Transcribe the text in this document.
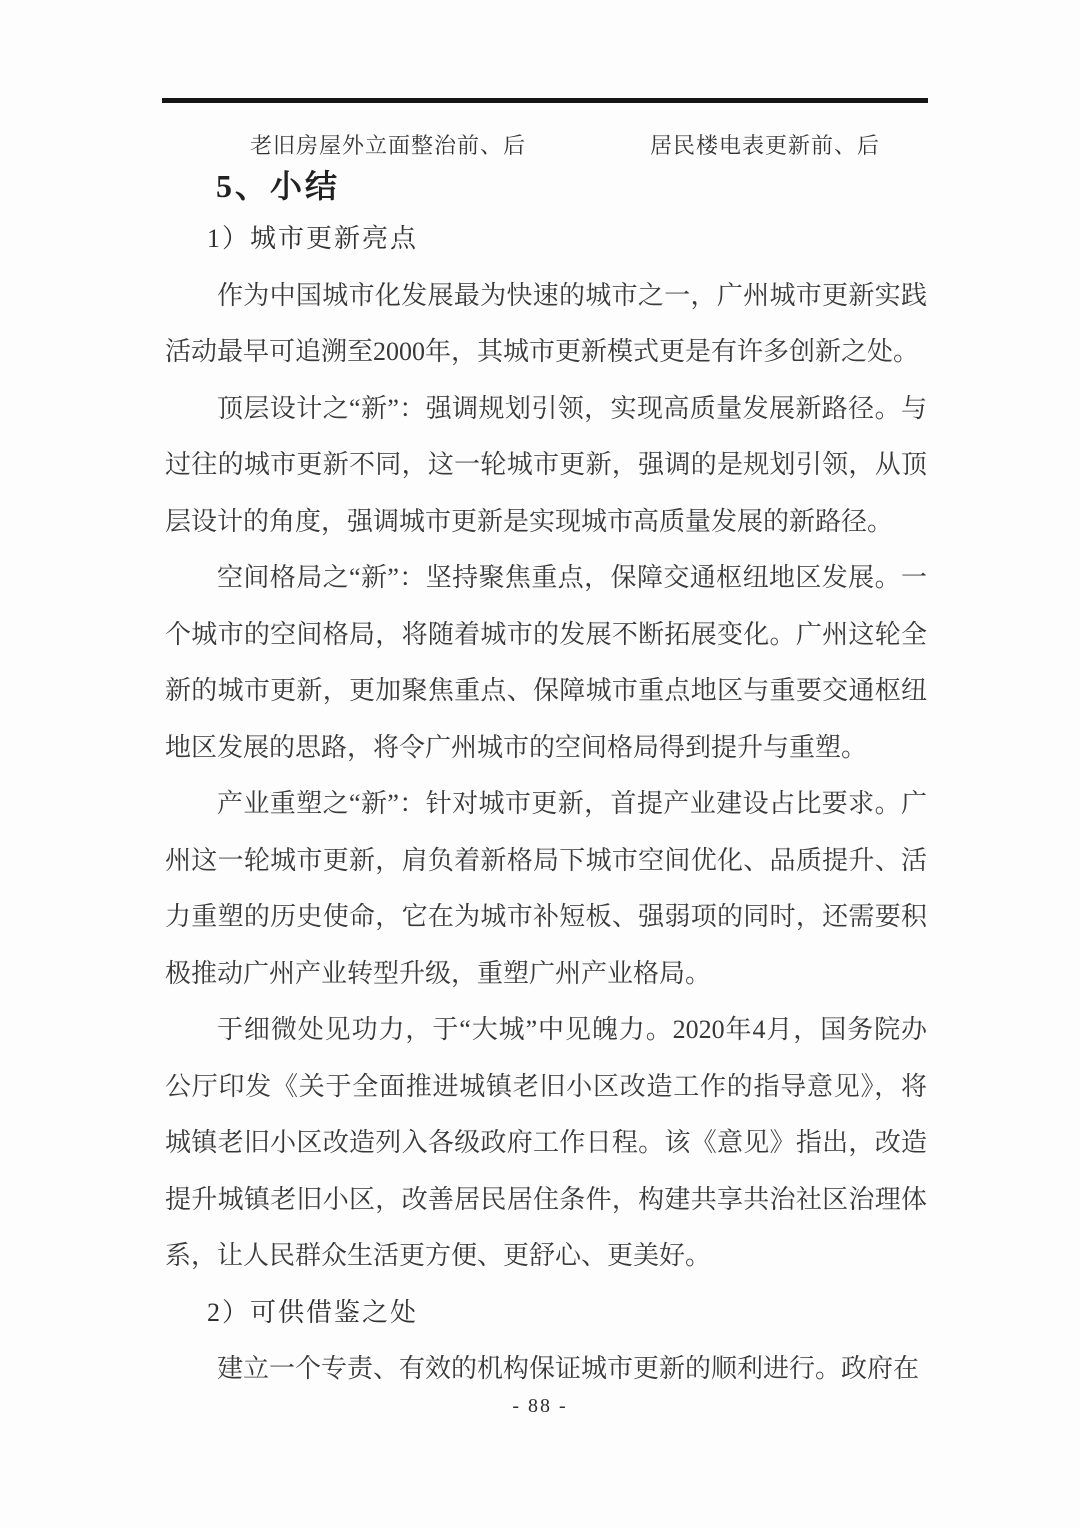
老旧房屋外立面整治前、后	居民楼电表更新前、后
5、小结

1）城市更新亮点

作为中国城市化发展最为快速的城市之一，广州城市更新实践活动最早可追溯至2000年，其城市更新模式更是有许多创新之处。

顶层设计之“新”：强调规划引领，实现高质量发展新路径。与过往的城市更新不同，这一轮城市更新，强调的是规划引领，从顶层设计的角度，强调城市更新是实现城市高质量发展的新路径。

空间格局之“新”：坚持聚焦重点，保障交通枢纽地区发展。一个城市的空间格局，将随着城市的发展不断拓展变化。广州这轮全新的城市更新，更加聚焦重点、保障城市重点地区与重要交通枢纽地区发展的思路，将令广州城市的空间格局得到提升与重塑。

产业重塑之“新”：针对城市更新，首提产业建设占比要求。广州这一轮城市更新，肩负着新格局下城市空间优化、品质提升、活力重塑的历史使命，它在为城市补短板、强弱项的同时，还需要积极推动广州产业转型升级，重塑广州产业格局。

于细微处见功力，于“大城”中见魄力。2020年4月，国务院办公厅印发《关于全面推进城镇老旧小区改造工作的指导意见》，将城镇老旧小区改造列入各级政府工作日程。该《意见》指出，改造提升城镇老旧小区，改善居民居住条件，构建共享共治社区治理体系，让人民群众生活更方便、更舒心、更美好。

2）可供借鉴之处

建立一个专责、有效的机构保证城市更新的顺利进行。政府在

- 88 -
